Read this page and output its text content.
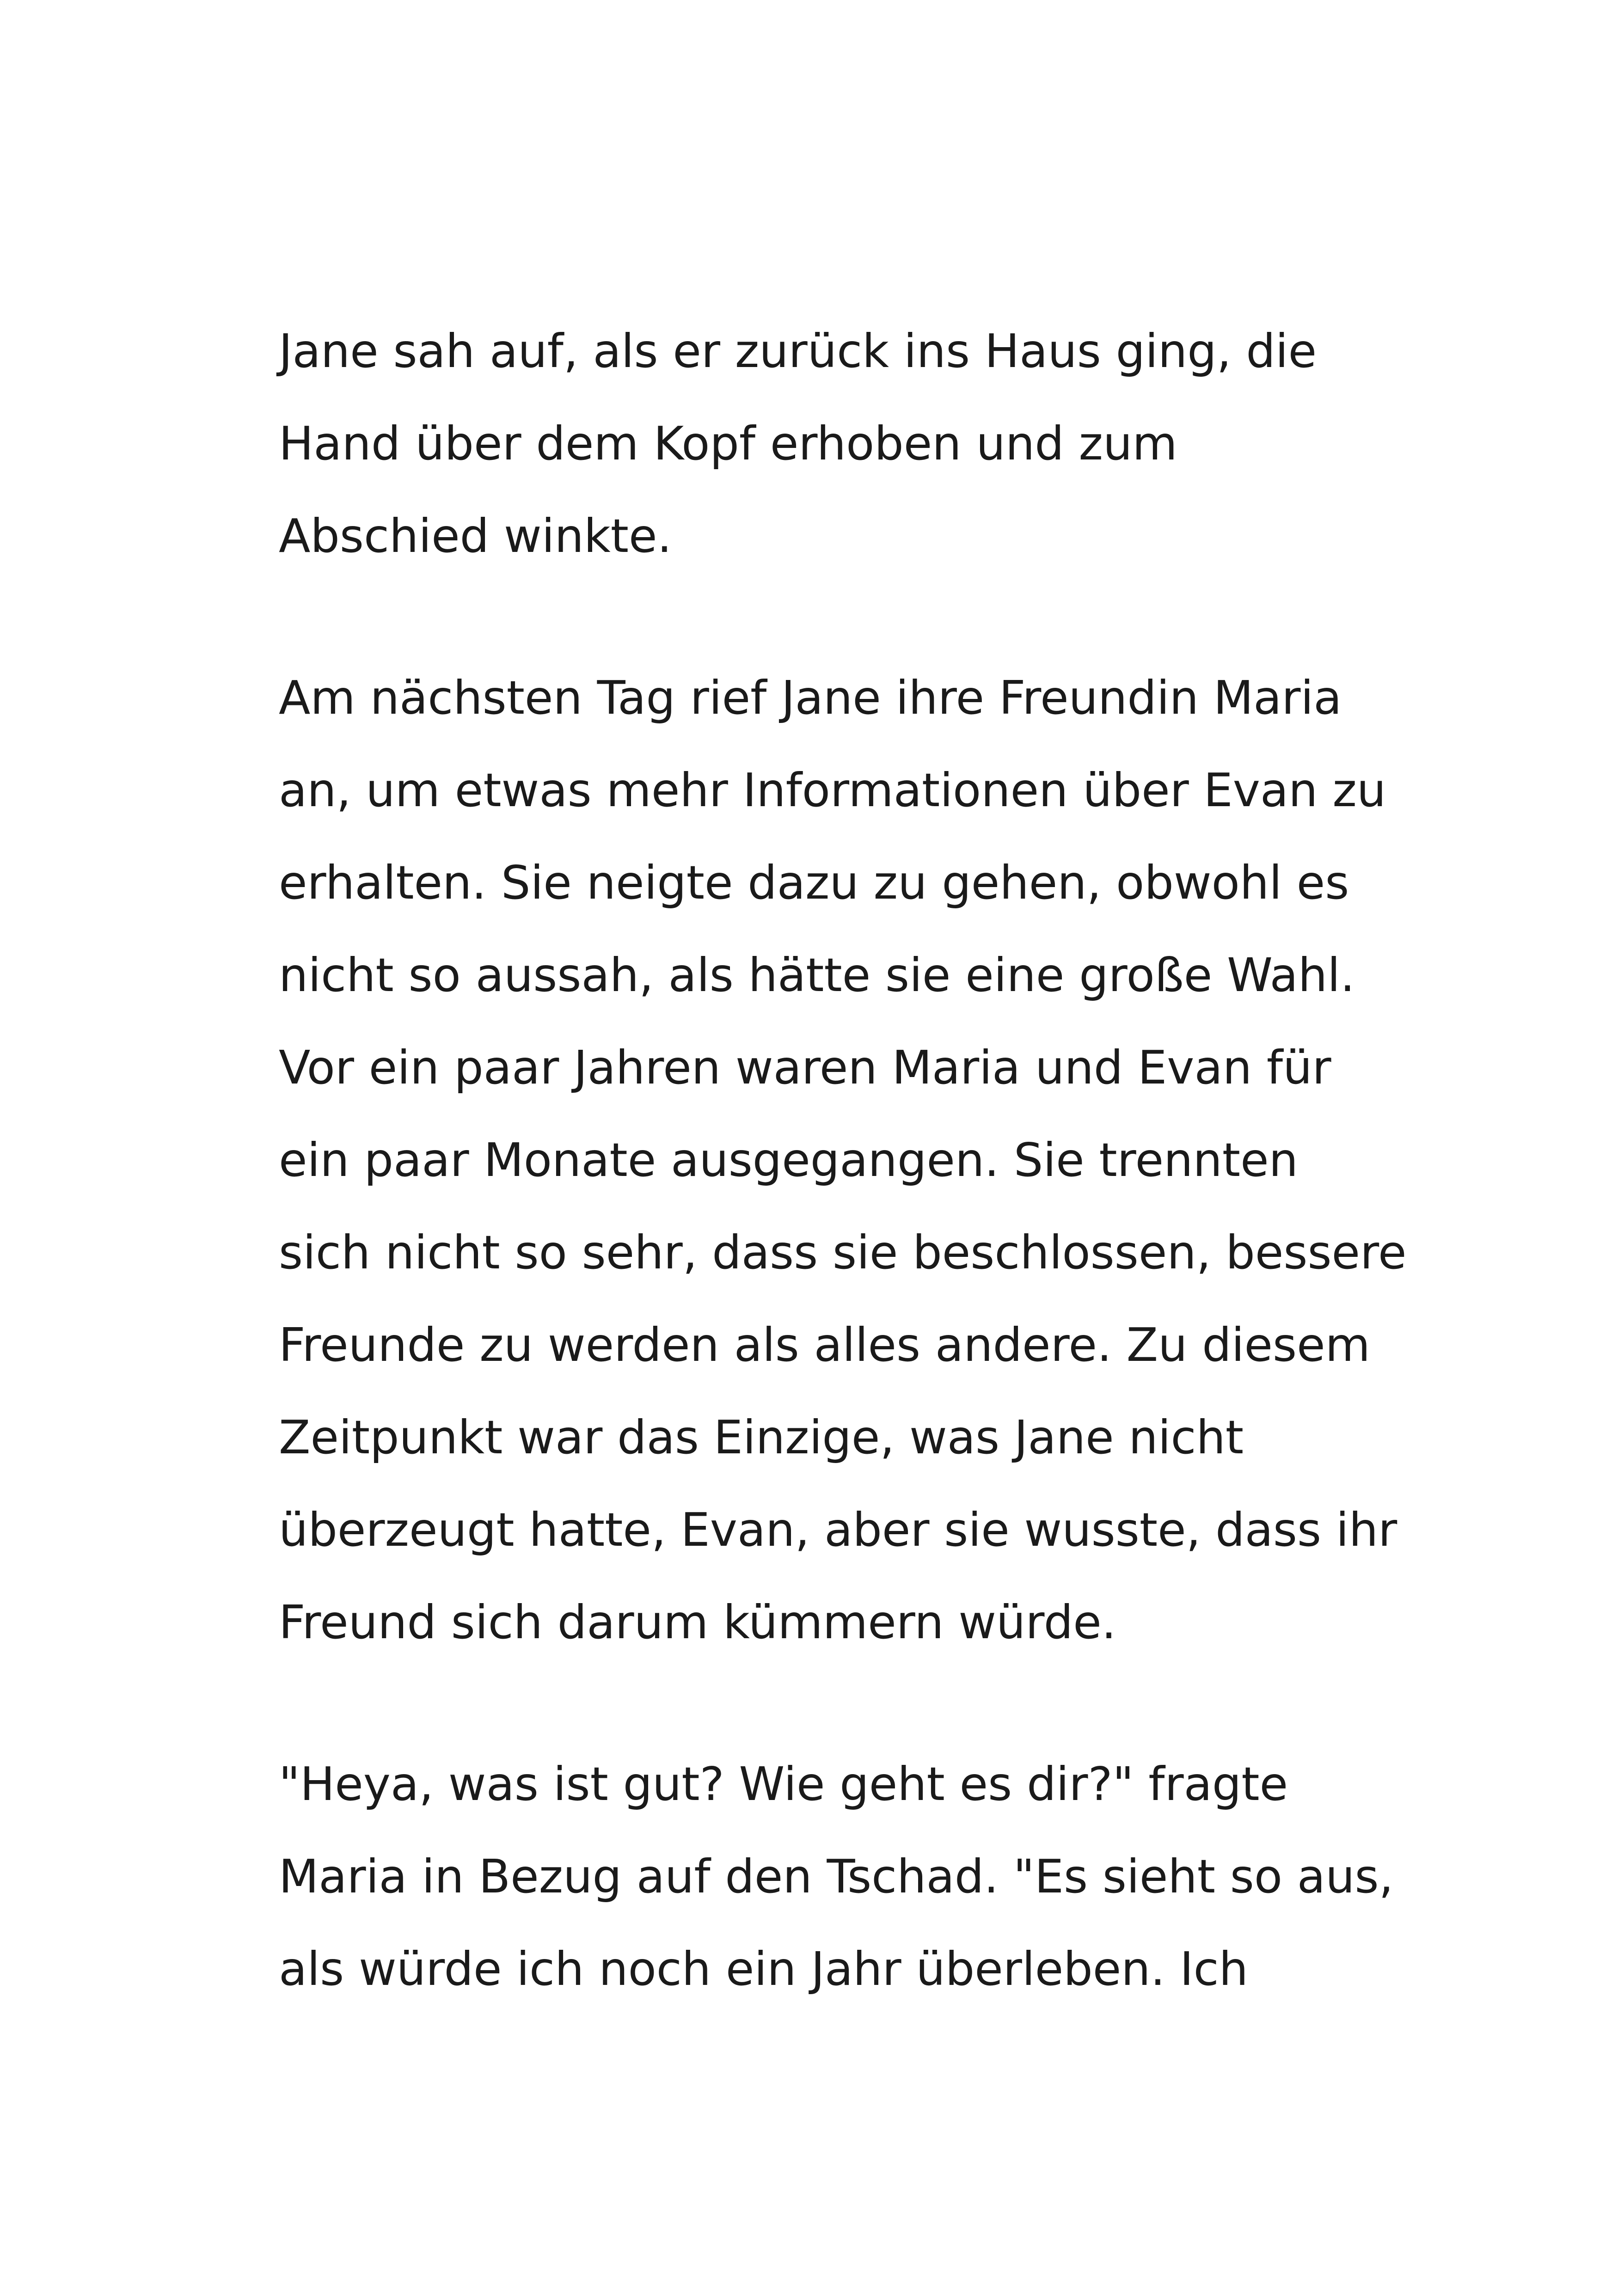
Jane sah auf, als er zurück ins Haus ging, die
Hand über dem Kopf erhoben und zum
Abschied winkte.
Am nächsten Tag rief Jane ihre Freundin Maria
an, um etwas mehr Informationen über Evan zu
erhalten. Sie neigte dazu zu gehen, obwohl es
nicht so aussah, als hätte sie eine große Wahl.
Vor ein paar Jahren waren Maria und Evan für
ein paar Monate ausgegangen. Sie trennten
sich nicht so sehr, dass sie beschlossen, bessere
Freunde zu werden als alles andere. Zu diesem
Zeitpunkt war das Einzige, was Jane nicht
überzeugt hatte, Evan, aber sie wusste, dass ihr
Freund sich darum kümmern würde.
"Heya, was ist gut? Wie geht es dir?" fragte
Maria in Bezug auf den Tschad. "Es sieht so aus,
als würde ich noch ein Jahr überleben. Ich
